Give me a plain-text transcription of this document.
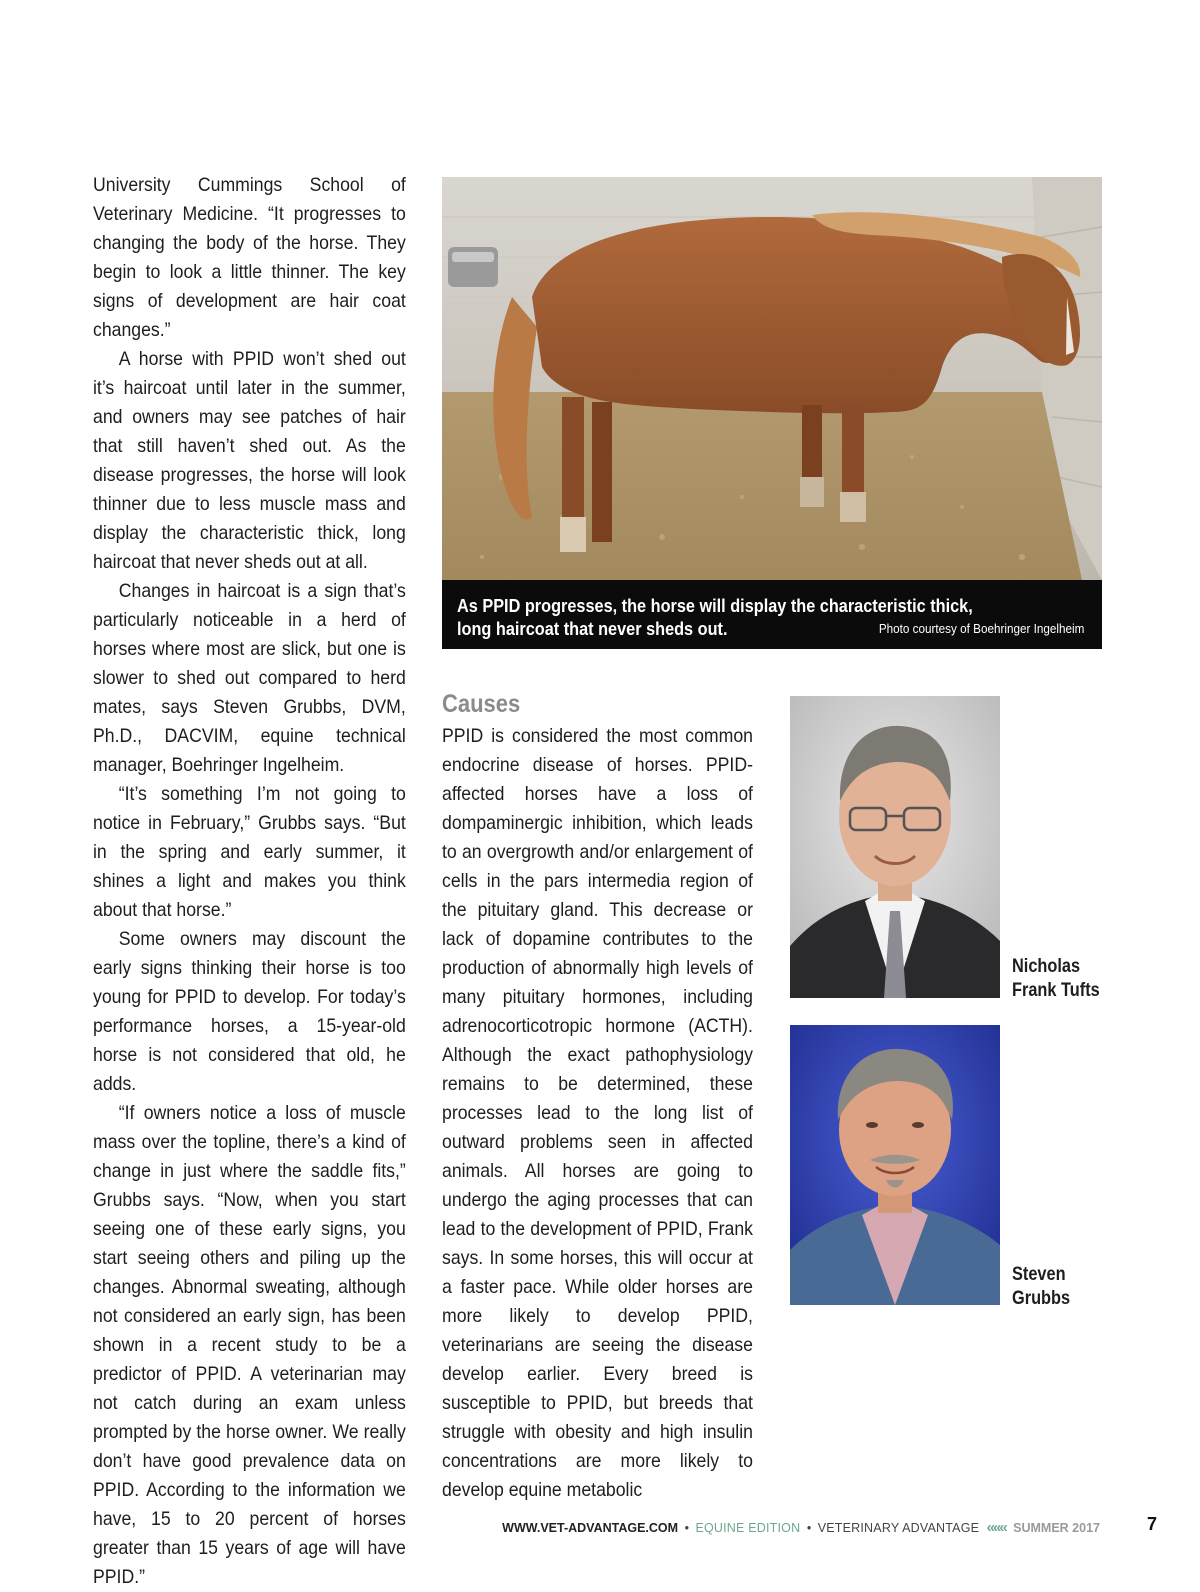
University Cummings School of Veterinary Medicine. “It progresses to changing the body of the horse. They begin to look a little thinner. The key signs of development are hair coat changes.”

A horse with PPID won’t shed out it’s haircoat until later in the summer, and owners may see patches of hair that still haven’t shed out. As the disease progresses, the horse will look thinner due to less muscle mass and display the characteristic thick, long haircoat that never sheds out at all.

Changes in haircoat is a sign that’s particularly noticeable in a herd of horses where most are slick, but one is slower to shed out compared to herd mates, says Steven Grubbs, DVM, Ph.D., DACVIM, equine technical manager, Boehringer Ingelheim.

“It’s something I’m not going to notice in February,” Grubbs says. “But in the spring and early summer, it shines a light and makes you think about that horse.”

Some owners may discount the early signs thinking their horse is too young for PPID to develop. For today’s performance horses, a 15-year-old horse is not considered that old, he adds.

“If owners notice a loss of muscle mass over the topline, there’s a kind of change in just where the saddle fits,” Grubbs says. “Now, when you start seeing one of these early signs, you start seeing others and piling up the changes. Abnormal sweating, although not considered an early sign, has been shown in a recent study to be a predictor of PPID. A veterinarian may not catch during an exam unless prompted by the horse owner. We really don’t have good prevalence data on PPID. According to the information we have, 15 to 20 percent of horses greater than 15 years of age will have PPID.”

As PPID progresses, the horse will display the characteristic thick,
long haircoat that never sheds out.	Photo courtesy of Boehringer Ingelheim
Causes

PPID is considered the most common endocrine disease of horses. PPID-affected horses have a loss of dompaminergic inhibition, which leads to an overgrowth and/or enlargement of cells in the pars intermedia region of the pituitary gland. This decrease or lack of dopamine contributes to the production of abnormally high levels of many pituitary hormones, including adrenocorticotropic hormone (ACTH). Although the exact pathophysiology remains to be determined, these processes lead to the long list of outward problems seen in affected animals. All horses are going to undergo the aging processes that can lead to the development of PPID, Frank says. In some horses, this will occur at a faster pace. While older horses are more likely to develop PPID, veterinarians are seeing the disease develop earlier. Every breed is susceptible to PPID, but breeds that struggle with obesity and high insulin concentrations are more likely to develop equine metabolic

Nicholas
Frank Tufts
Steven
Grubbs
WWW.VET-ADVANTAGE.COM • EQUINE EDITION • VETERINARY ADVANTAGE ««« SUMMER 2017	7
